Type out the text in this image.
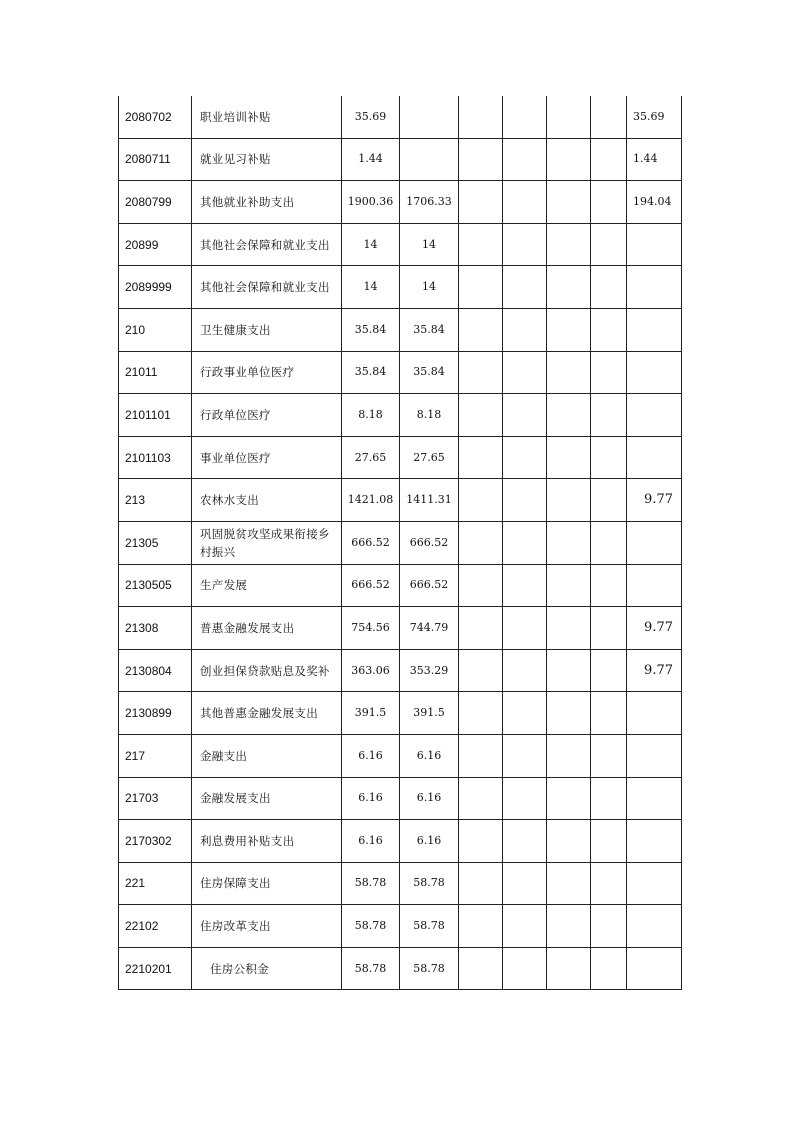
2080702	职业培训补贴	35.69						35.69
2080711	就业见习补贴	1.44						1.44
2080799	其他就业补助支出	1900.36	1706.33					194.04
20899	其他社会保障和就业支出	14	14					
2089999	其他社会保障和就业支出	14	14					
210	卫生健康支出	35.84	35.84					
21011	行政事业单位医疗	35.84	35.84					
2101101	行政单位医疗	8.18	8.18					
2101103	事业单位医疗	27.65	27.65					
213	农林水支出	1421.08	1411.31					9.77
21305	巩固脱贫攻坚成果衔接乡村振兴	666.52	666.52					
2130505	生产发展	666.52	666.52					
21308	普惠金融发展支出	754.56	744.79					9.77
2130804	创业担保贷款贴息及奖补	363.06	353.29					9.77
2130899	其他普惠金融发展支出	391.5	391.5					
217	金融支出	6.16	6.16					
21703	金融发展支出	6.16	6.16					
2170302	利息费用补贴支出	6.16	6.16					
221	住房保障支出	58.78	58.78					
22102	住房改革支出	58.78	58.78					
2210201	住房公积金	58.78	58.78					
